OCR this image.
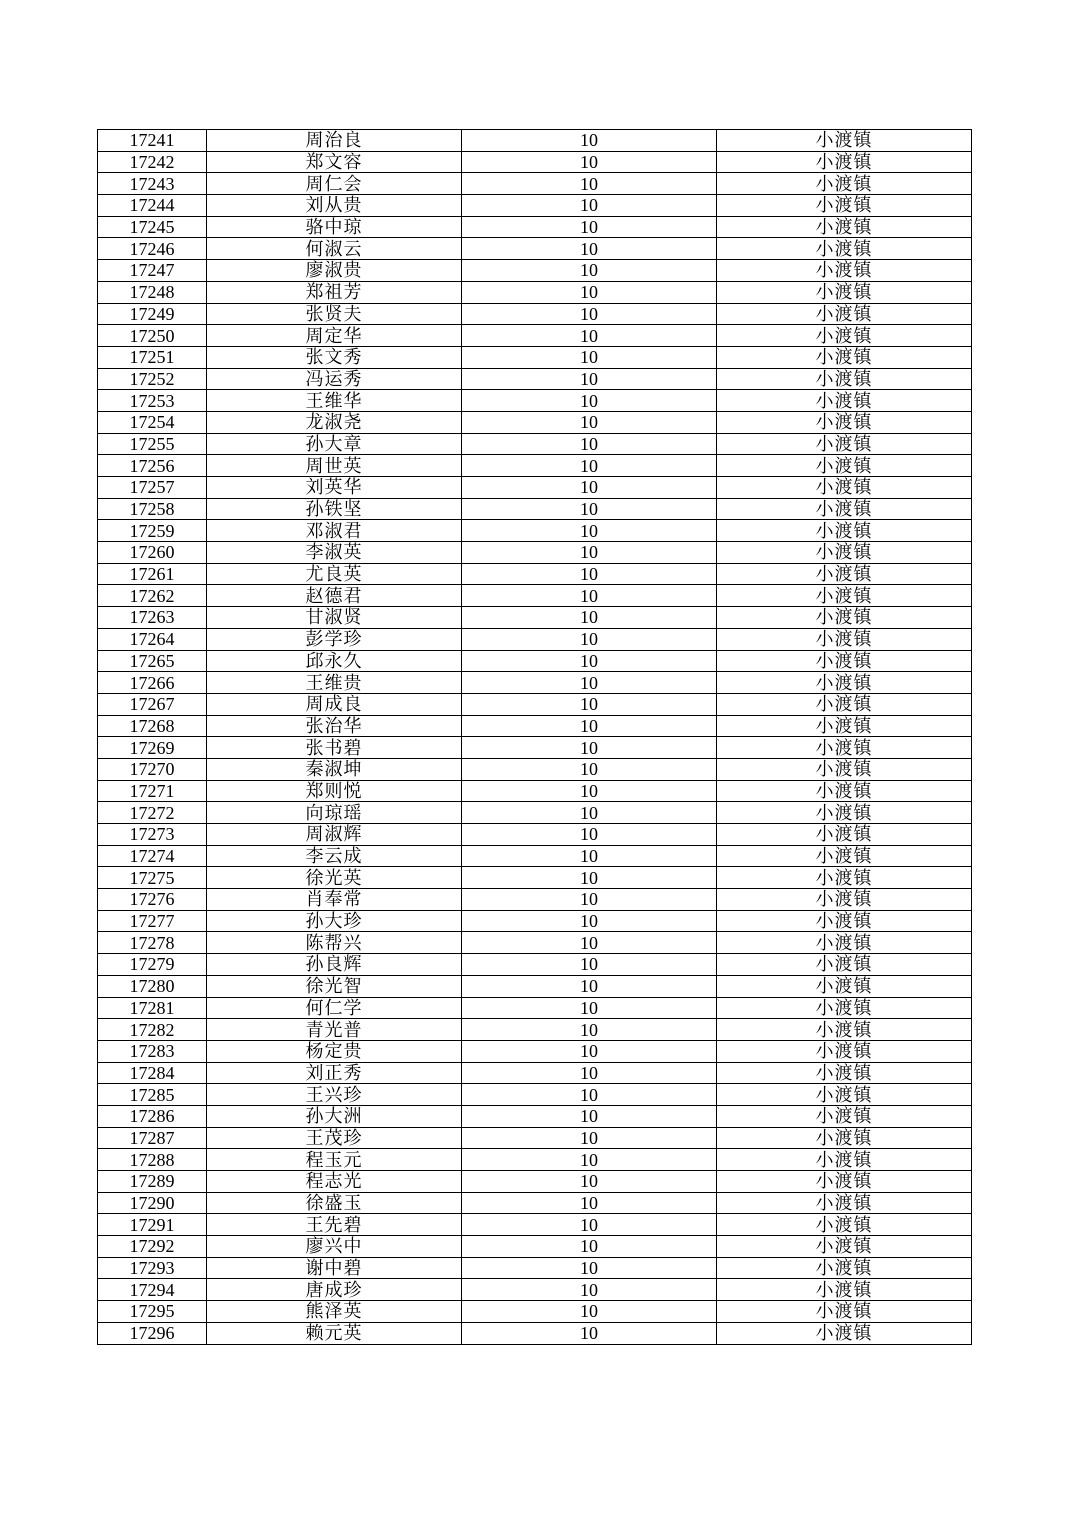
17241	周治良	10	小渡镇
17242	郑文容	10	小渡镇
17243	周仁会	10	小渡镇
17244	刘从贵	10	小渡镇
17245	骆中琼	10	小渡镇
17246	何淑云	10	小渡镇
17247	廖淑贵	10	小渡镇
17248	郑祖芳	10	小渡镇
17249	张贤夫	10	小渡镇
17250	周定华	10	小渡镇
17251	张文秀	10	小渡镇
17252	冯运秀	10	小渡镇
17253	王维华	10	小渡镇
17254	龙淑尧	10	小渡镇
17255	孙大章	10	小渡镇
17256	周世英	10	小渡镇
17257	刘英华	10	小渡镇
17258	孙铁坚	10	小渡镇
17259	邓淑君	10	小渡镇
17260	李淑英	10	小渡镇
17261	尤良英	10	小渡镇
17262	赵德君	10	小渡镇
17263	甘淑贤	10	小渡镇
17264	彭学珍	10	小渡镇
17265	邱永久	10	小渡镇
17266	王维贵	10	小渡镇
17267	周成良	10	小渡镇
17268	张治华	10	小渡镇
17269	张书碧	10	小渡镇
17270	秦淑坤	10	小渡镇
17271	郑则悦	10	小渡镇
17272	向琼瑶	10	小渡镇
17273	周淑辉	10	小渡镇
17274	李云成	10	小渡镇
17275	徐光英	10	小渡镇
17276	肖奉常	10	小渡镇
17277	孙大珍	10	小渡镇
17278	陈帮兴	10	小渡镇
17279	孙良辉	10	小渡镇
17280	徐光智	10	小渡镇
17281	何仁学	10	小渡镇
17282	青光普	10	小渡镇
17283	杨定贵	10	小渡镇
17284	刘正秀	10	小渡镇
17285	王兴珍	10	小渡镇
17286	孙大洲	10	小渡镇
17287	王茂珍	10	小渡镇
17288	程玉元	10	小渡镇
17289	程志光	10	小渡镇
17290	徐盛玉	10	小渡镇
17291	王先碧	10	小渡镇
17292	廖兴中	10	小渡镇
17293	谢中碧	10	小渡镇
17294	唐成珍	10	小渡镇
17295	熊泽英	10	小渡镇
17296	赖元英	10	小渡镇
